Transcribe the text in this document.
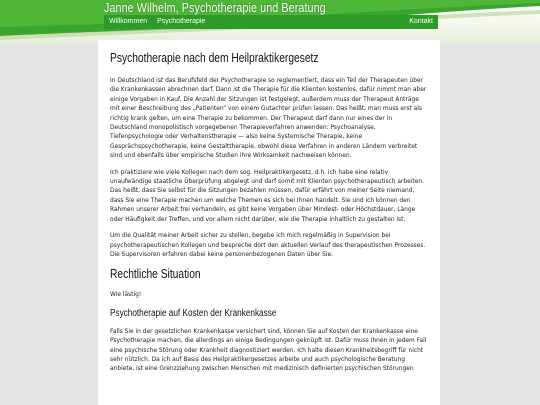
Janne Wilhelm, Psychotherapie und Beratung
Willkommen	Psychotherapie	Kontakt
Psychotherapie nach dem Heilpraktikergesetz

In Deutschland ist das Berufsfeld der Psychotherapie so reglementiert, dass ein Teil der Therapeuten über die Krankenkassen abrechnen darf. Dann ist die Therapie für die Klienten kostenlos, dafür nimmt man aber einige Vorgaben in Kauf. Die Anzahl der Sitzungen ist festgelegt, außerdem muss der Therapeut Anträge mit einer Beschreibung des „Patienten“ von einem Gutachter prüfen lassen. Das heißt, man muss erst als richtig krank gelten, um eine Therapie zu bekommen. Der Therapeut darf dann nur eines der in Deutschland monopolistisch vorgegebenen Therapieverfahren anwenden: Psychoanalyse, Tiefenpsychologie oder Verhaltenstherapie — also keine Systemische Therapie, keine Gesprächspsychotherapie, keine Gestalttherapie, obwohl diese Verfahren in anderen Ländern verbreitet sind und ebenfalls über empirische Studien ihre Wirksamkeit nachweisen können.

Ich praktiziere wie viele Kollegen nach dem sog. Heilpraktikergesetz, d.h. ich habe eine relativ unaufwändige staatliche Überprüfung abgelegt und darf somit mit Klienten psychotherapeutisch arbeiten. Das heißt, dass Sie selbst für die Sitzungen bezahlen müssen, dafür erfährt von meiner Seite niemand, dass Sie eine Therapie machen um welche Themen es sich bei Ihnen handelt. Sie und ich können den Rahmen unserer Arbeit frei verhandeln, es gibt keine Vorgaben über Mindest- oder Höchstdauer, Länge oder Häufigkeit der Treffen, und vor allem nicht darüber, wie die Therapie inhaltlich zu gestalten ist.

Um die Qualität meiner Arbeit sicher zu stellen, begebe ich mich regelmäßig in Supervision bei psychotherapeutischen Kollegen und bespreche dort den aktuellen Verlauf des therapeutischen Prozesses. Die Supervisoren erfahren dabei keine personenbezogenen Daten über Sie.

Rechtliche Situation

Wie lästig!

Psychotherapie auf Kosten der Krankenkasse

Falls Sie in der gesetzlichen Krankenkasse versichert sind, können Sie auf Kosten der Krankenkasse eine Psychotherapie machen, die allerdings an einige Bedingungen geknüpft ist. Dafür muss Ihnen in jedem Fall eine psychische Störung oder Krankheit diagnostiziert werden. Ich halte diesen Krankheitsbegriff für nicht sehr nützlich. Da ich auf Basis des Heilpraktikergesetzes arbeite und auch psychologische Beratung anbiete, ist eine Grenzziehung zwischen Menschen mit medizinisch definierten psychischen Störungen
